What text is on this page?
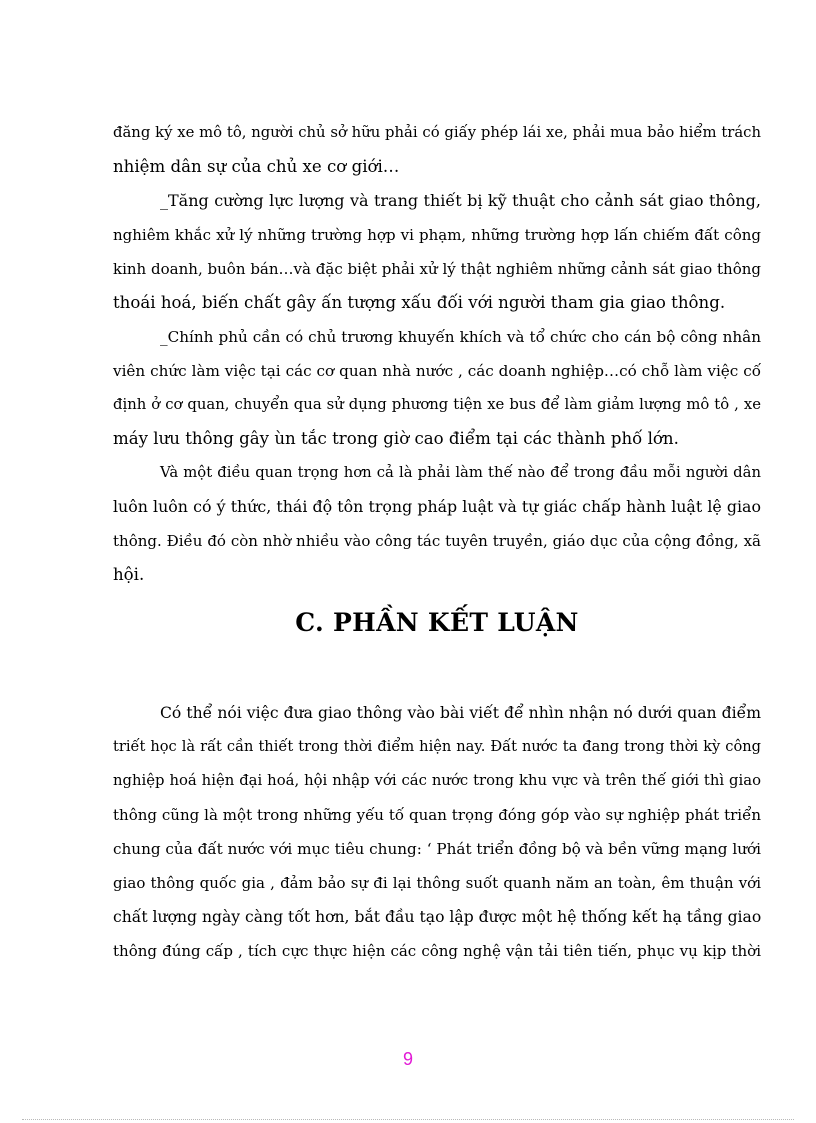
đăng ký xe mô tô, người chủ sở hữu phải có giấy phép lái xe, phải mua bảo hiểm trách
nhiệm dân sự của chủ xe cơ giới…
_Tăng cường lực lượng và trang thiết bị kỹ thuật cho cảnh sát giao thông,
nghiêm khắc xử lý những trường hợp vi phạm, những trường hợp lấn chiếm đất công
kinh doanh, buôn bán…và đặc biệt phải xử lý thật nghiêm những cảnh sát giao thông
thoái hoá, biến chất gây ấn tượng xấu đối với người tham gia giao thông.
_Chính phủ cần có chủ trương khuyến khích và tổ chức cho cán bộ công nhân
viên chức làm việc tại các cơ quan nhà nước , các doanh nghiệp…có chỗ làm việc cố
định ở cơ quan, chuyển qua sử dụng phương tiện xe bus để làm giảm lượng mô tô , xe
máy lưu thông gây ùn tắc trong giờ cao điểm tại các thành phố lớn.
Và một điều quan trọng hơn cả là phải làm thế nào để trong đầu mỗi người dân
luôn luôn có ý thức, thái độ tôn trọng pháp luật và tự giác chấp hành luật lệ giao
thông. Điều đó còn nhờ nhiều vào công tác tuyên truyền, giáo dục của cộng đồng, xã
hội.
C. PHẦN KẾT LUẬN
Có thể nói việc đưa giao thông vào bài viết để nhìn nhận nó dưới quan điểm
triết học là rất cần thiết trong thời điểm hiện nay. Đất nước ta đang trong thời kỳ công
nghiệp hoá hiện đại hoá, hội nhập với các nước trong khu vực và trên thế giới thì giao
thông cũng là một trong những yếu tố quan trọng đóng góp vào sự nghiệp phát triển
chung của đất nước với mục tiêu chung: ‘ Phát triển đồng bộ và bền vững mạng lưới
giao thông quốc gia , đảm bảo sự đi lại thông suốt quanh năm an toàn, êm thuận với
chất lượng ngày càng tốt hơn, bắt đầu tạo lập được một hệ thống kết hạ tầng giao
thông đúng cấp , tích cực thực hiện các công nghệ vận tải tiên tiến, phục vụ kịp thời
9
